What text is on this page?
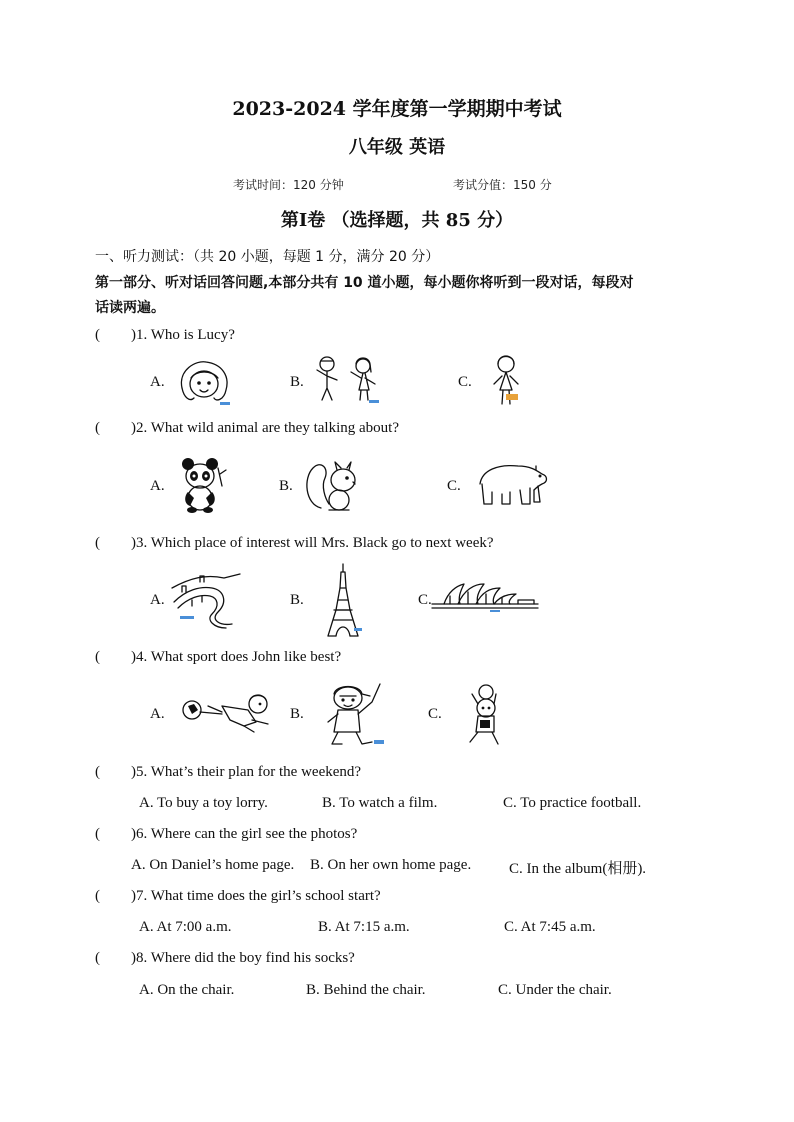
2023-2024 学年度第一学期期中考试
八年级 英语
考试时间：120 分钟	考试分值：150 分
第Ⅰ卷 （选择题，共 85 分）
一、听力测试：（共 20 小题，每题 1 分，满分 20 分）
第一部分、听对话回答问题,本部分共有 10 道小题，每小题你将听到一段对话，每段对
话读两遍。
( )1. Who is Lucy?
A.	B.	C.
( )2. What wild animal are they talking about?
A.	B.	C.
( )3. Which place of interest will Mrs. Black go to next week?
A.	B.	C.
( )4. What sport does John like best?
A.	B.	C.
( )5. What’s their plan for the weekend?
A. To buy a toy lorry.	B. To watch a film.	C. To practice football.
( )6. Where can the girl see the photos?
A. On Daniel’s home page. B. On her own home page.	C. In the album(相册).
( )7. What time does the girl’s school start?
A. At 7:00 a.m.	B. At 7:15 a.m.	C. At 7:45 a.m.
( )8. Where did the boy find his socks?
A. On the chair.	B. Behind the chair.	C. Under the chair.
